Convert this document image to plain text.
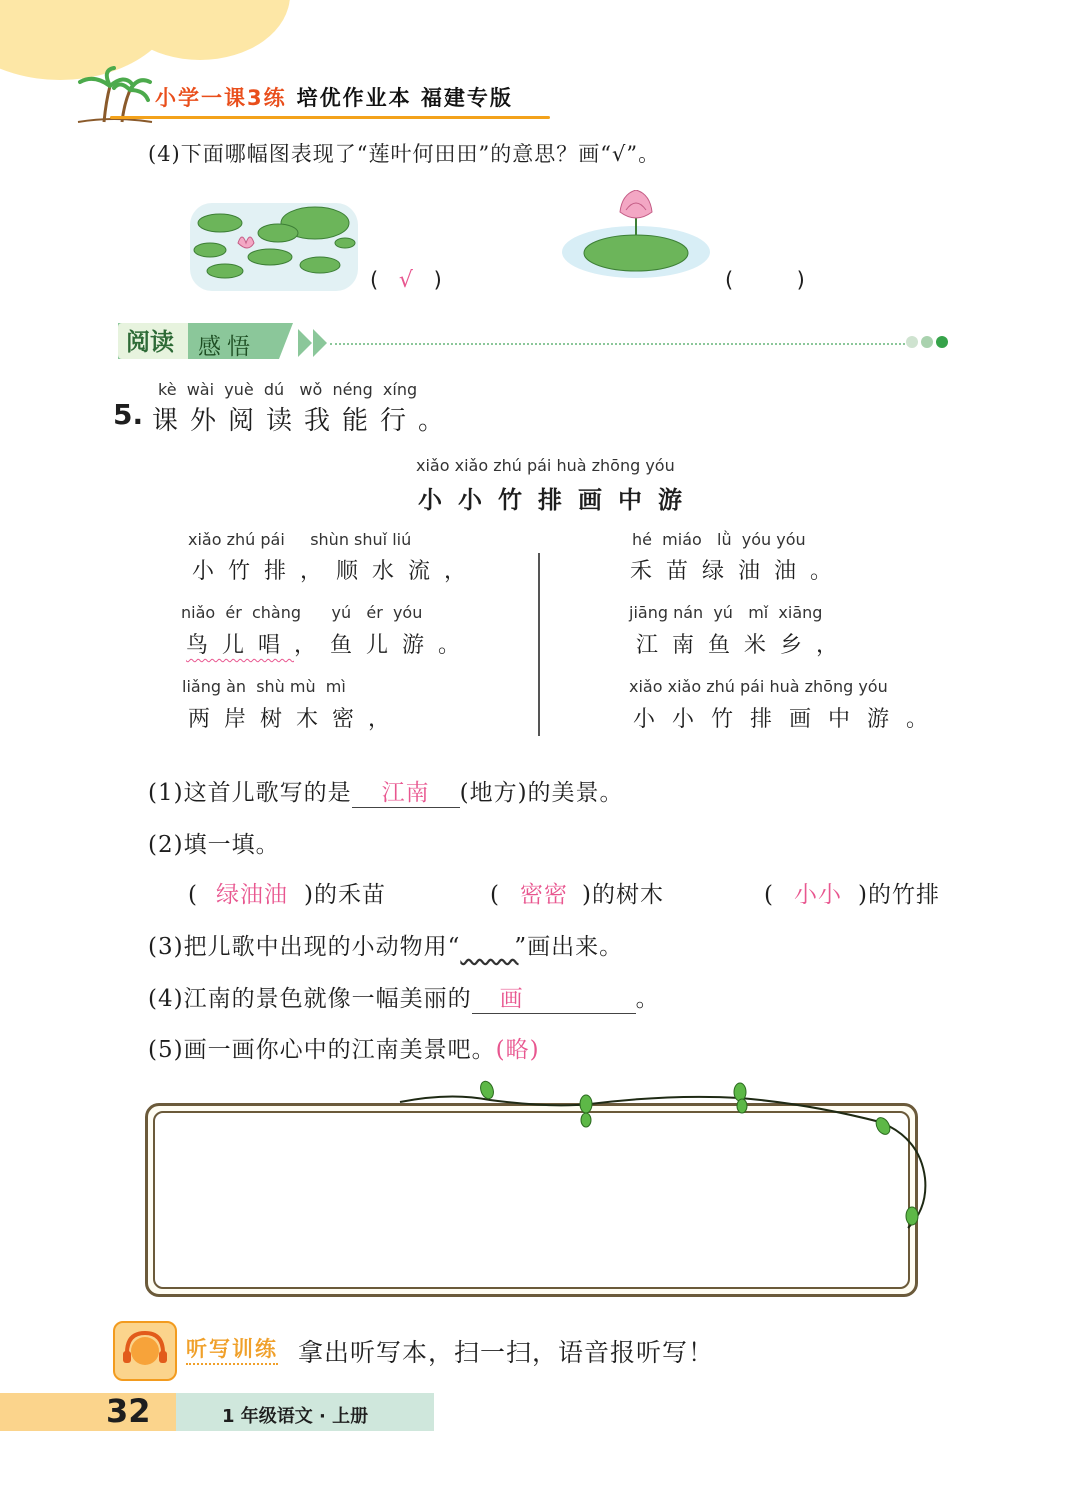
小学一课3练 培优作业本 福建专版
(4)下面哪幅图表现了“莲叶何田田”的意思？画“√”。
( √ )	(	)
阅读 感悟
kè  wài  yuè  dú   wǒ  néng  xíng
5. 课外阅读我能行。
xiǎo xiǎo zhú pái huà zhōng yóu
小小竹排画中游
xiǎo zhú pái     shùn shuǐ liú
小竹排，顺水流，
niǎo  ér  chàng      yú   ér  yóu
鸟儿唱，鱼儿游。
liǎng àn  shù mù  mì
两岸树木密，
hé  miáo   lǜ  yóu yóu
禾苗绿油油。
jiāng nán  yú   mǐ  xiāng
江南鱼米乡，
xiǎo xiǎo zhú pái huà zhōng yóu
小小竹排画中游。
(1)这首儿歌写的是 江南 (地方)的美景。
(2)填一填。
( 绿油油 )的禾苗	( 密密 )的树木	( 小小 )的竹排
(3)把儿歌中出现的小动物用“ ”画出来。
(4)江南的景色就像一幅美丽的 画	。
(5)画一画你心中的江南美景吧。(略)
听写训练 拿出听写本，扫一扫，语音报听写！
32	1 年级语文 · 上册
